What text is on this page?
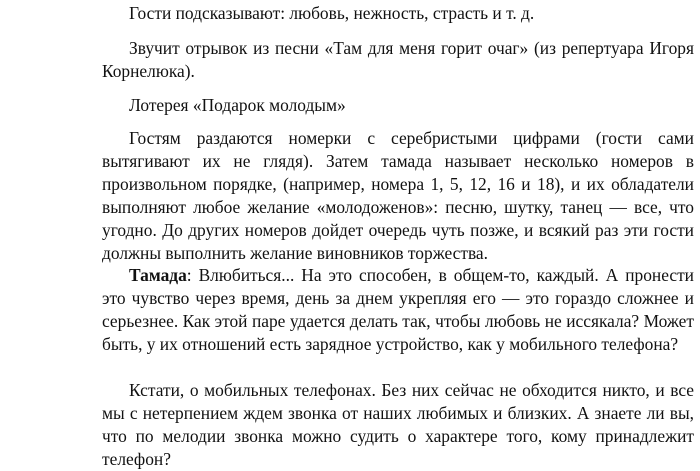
Гости подсказывают: любовь, нежность, страсть и т. д.

Звучит отрывок из песни «Там для меня горит очаг» (из репертуара Игоря Корнелюка).

Лотерея «Подарок молодым»

Гостям раздаются номерки с серебристыми цифрами (гости сами вытягивают их не глядя). Затем тамада называет несколько номеров в произвольном порядке, (например, номера 1, 5, 12, 16 и 18), и их обладатели выполняют любое желание «молодоженов»: песню, шутку, танец — все, что угодно. До других номеров дойдет очередь чуть позже, и всякий раз эти гости должны выполнить желание виновников торжества.

Тамада: Влюбиться... На это способен, в общем-то, каждый. А пронести это чувство через время, день за днем укрепляя его — это гораздо сложнее и серьезнее. Как этой паре удается делать так, чтобы любовь не иссякала? Может быть, у их отношений есть зарядное устройство, как у мобильного телефона?

Кстати, о мобильных телефонах. Без них сейчас не обходится никто, и все мы с нетерпением ждем звонка от наших любимых и близких. А знаете ли вы, что по мелодии звонка можно судить о характере того, кому принадлежит телефон?
